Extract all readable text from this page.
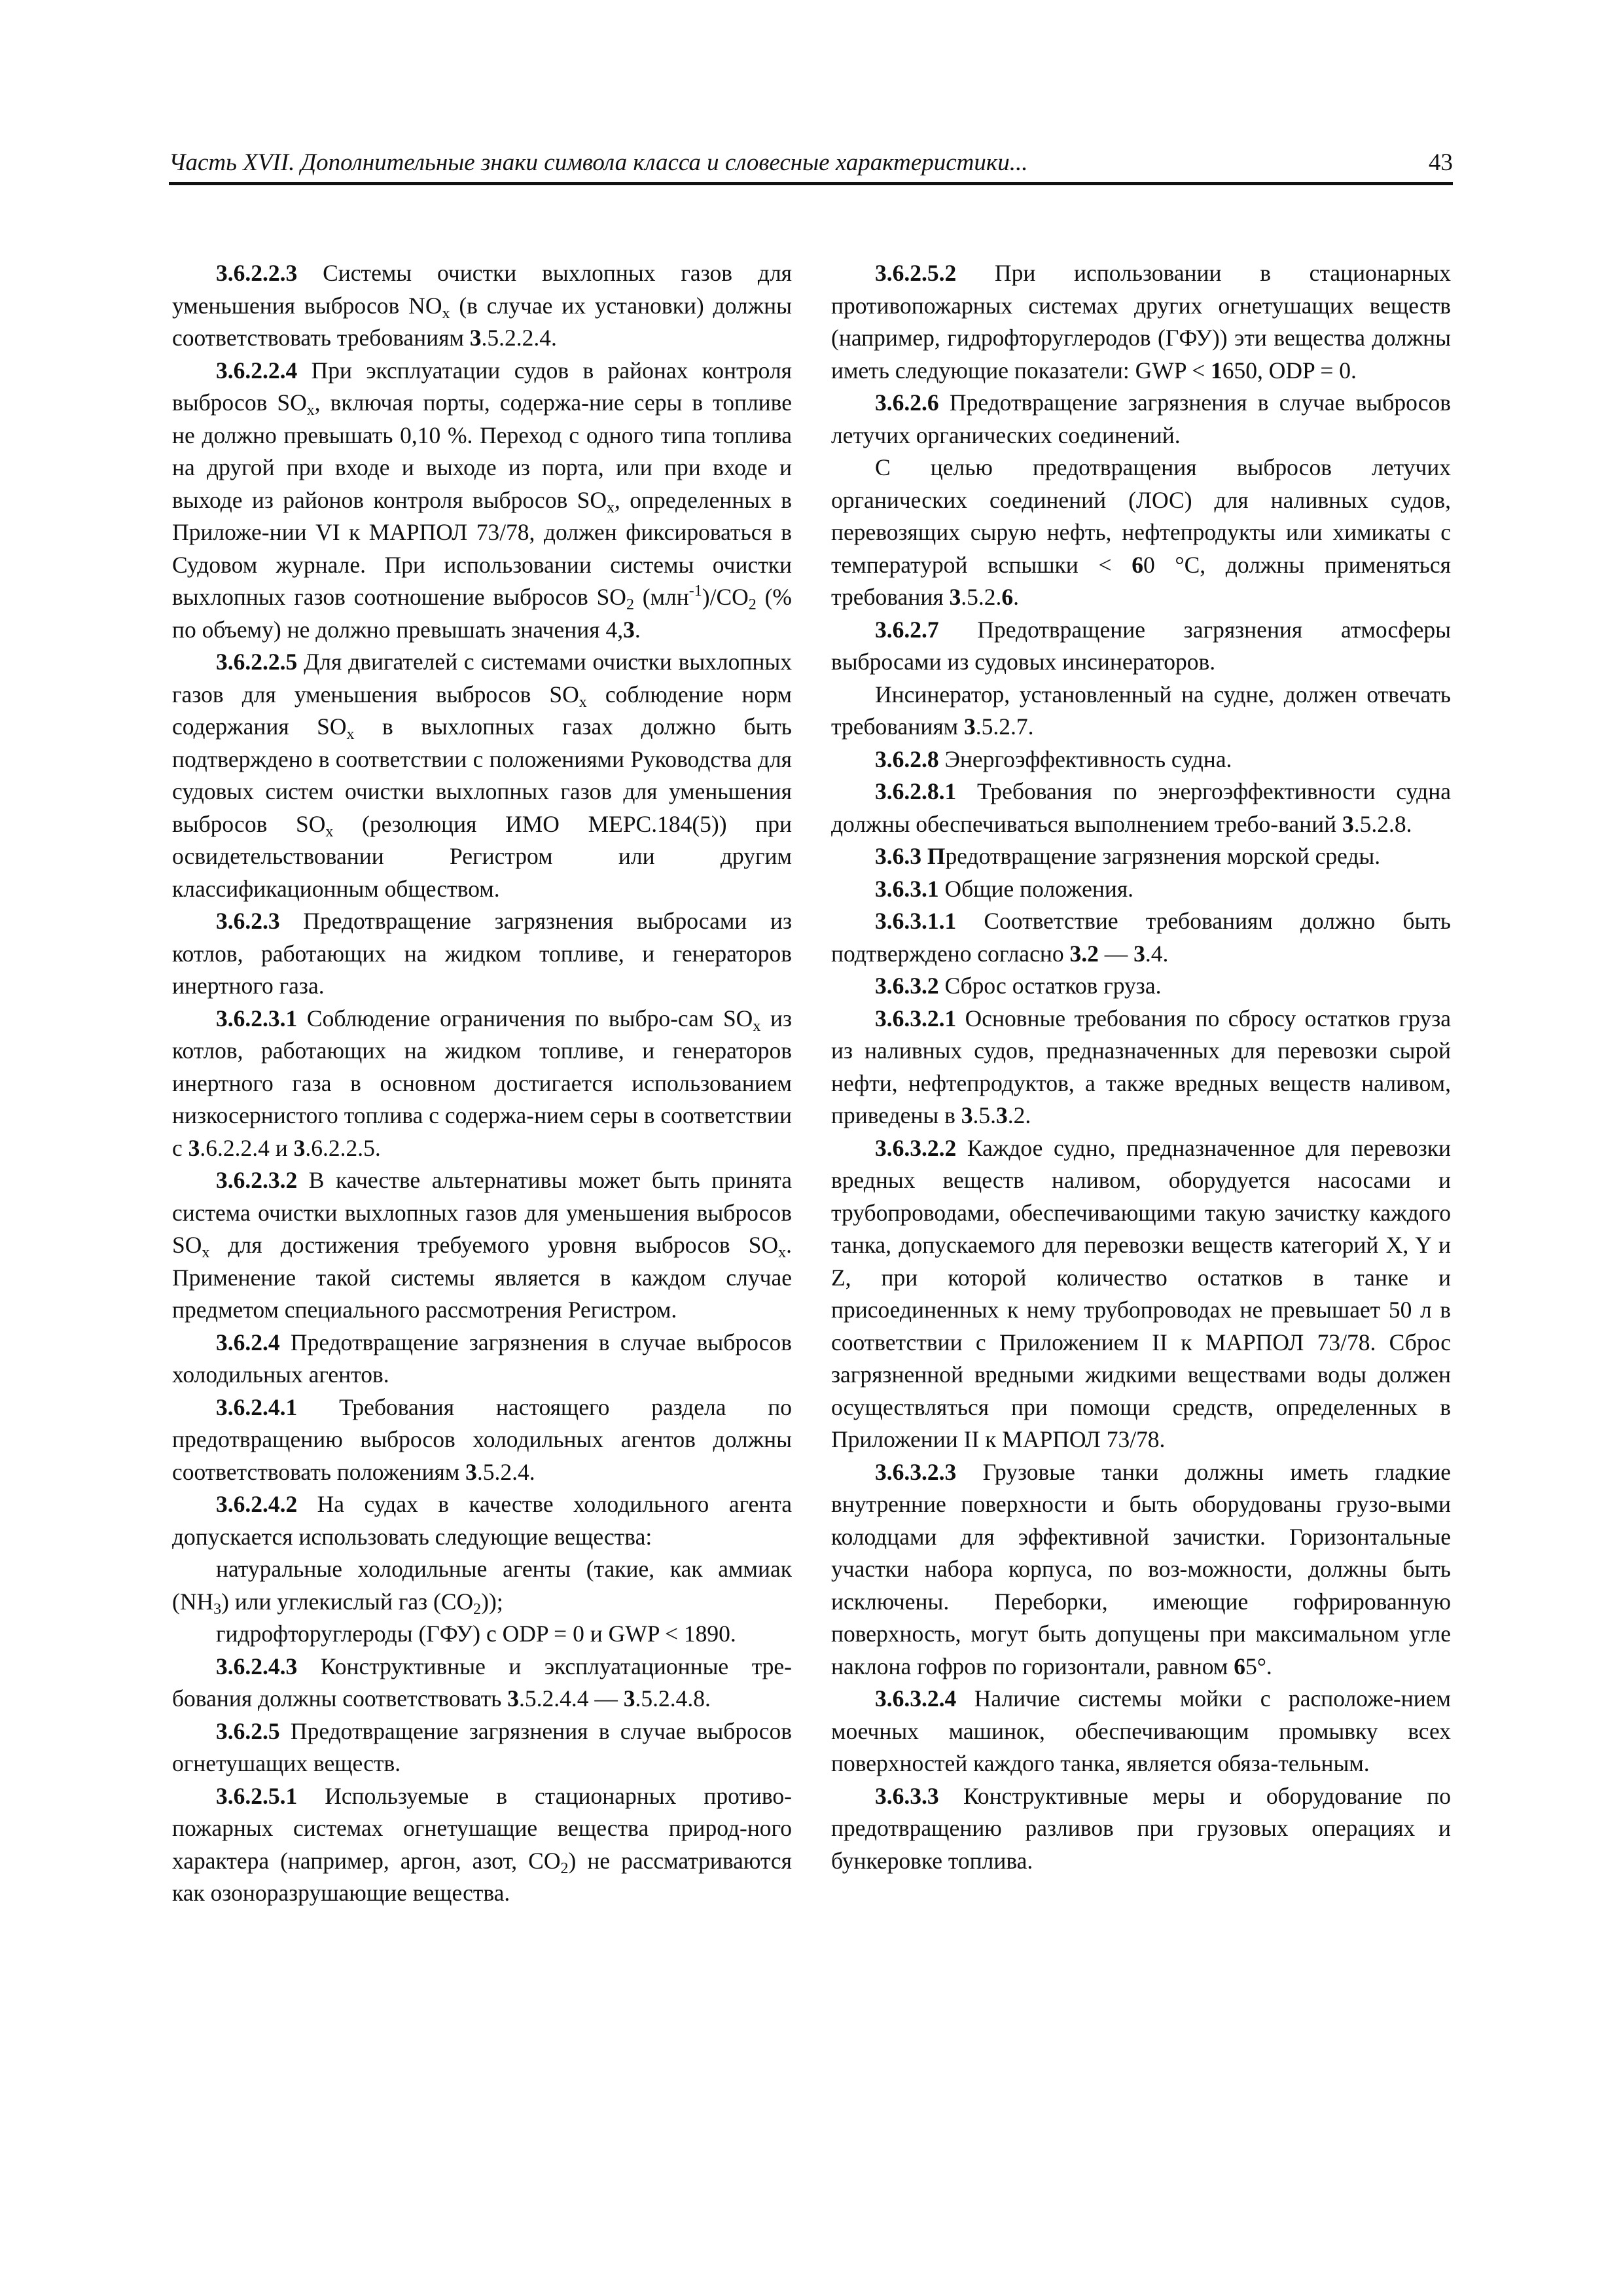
Часть XVII. Дополнительные знаки символа класса и словесные характеристики...	43

3.6.2.2.3 Системы очистки выхлопных газов для уменьшения выбросов $NO_x$ (в случае их установки) должны соответствовать требованиям 3.5.2.2.4.

3.6.2.2.4 При эксплуатации судов в районах контроля выбросов $SO_x$, включая порты, содержа-ние серы в топливе не должно превышать 0,10 %. Переход с одного типа топлива на другой при входе и выходе из порта, или при входе и выходе из районов контроля выбросов $SO_x$, определенных в Приложе-нии VI к МАРПОЛ 73/78, должен фиксироваться в Судовом журнале. При использовании системы очистки выхлопных газов соотношение выбросов $SO_2$ $(млн^{-1})/CO_2$ (% по объему) не должно превышать значения 4,3.

3.6.2.2.5 Для двигателей с системами очистки выхлопных газов для уменьшения выбросов $SO_x$ соблюдение норм содержания $SO_x$ в выхлопных газах должно быть подтверждено в соответствии с положениями Руководства для судовых систем очистки выхлопных газов для уменьшения выбросов $SO_x$ (резолюция ИМО MEPC.184(5)) при освидетельствовании Регистром или другим классификационным обществом.

3.6.2.3 Предотвращение загрязнения выбросами из котлов, работающих на жидком топливе, и генераторов инертного газа.

3.6.2.3.1 Соблюдение ограничения по выбро-сам $SO_x$ из котлов, работающих на жидком топливе, и генераторов инертного газа в основном достигается использованием низкосернистого топлива с содержа-нием серы в соответствии с 3.6.2.2.4 и 3.6.2.2.5.

3.6.2.3.2 В качестве альтернативы может быть принята система очистки выхлопных газов для уменьшения выбросов $SO_x$ для достижения требуемого уровня выбросов $SO_x$. Применение такой системы является в каждом случае предметом специального рассмотрения Регистром.

3.6.2.4 Предотвращение загрязнения в случае выбросов холодильных агентов.

3.6.2.4.1 Требования настоящего раздела по предотвращению выбросов холодильных агентов должны соответствовать положениям 3.5.2.4.

3.6.2.4.2 На судах в качестве холодильного агента допускается использовать следующие вещества:

натуральные холодильные агенты (такие, как аммиак $(NH_3)$ или углекислый газ $(CO_2)$);

гидрофторуглероды (ГФУ) с ODP = 0 и GWP < 1890.

3.6.2.4.3 Конструктивные и эксплуатационные тре-бования должны соответствовать 3.5.2.4.4 — 3.5.2.4.8.

3.6.2.5 Предотвращение загрязнения в случае выбросов огнетушащих веществ.

3.6.2.5.1 Используемые в стационарных противо-пожарных системах огнетушащие вещества природ-ного характера (например, аргон, азот, $CO_2$) не рассматриваются как озоноразрушающие вещества.

3.6.2.5.2 При использовании в стационарных противопожарных системах других огнетушащих веществ (например, гидрофторуглеродов (ГФУ)) эти вещества должны иметь следующие показатели: GWP < 1650, ODP = 0.

3.6.2.6 Предотвращение загрязнения в случае выбросов летучих органических соединений.

С целью предотвращения выбросов летучих органических соединений (ЛОС) для наливных судов, перевозящих сырую нефть, нефтепродукты или химикаты с температурой вспышки < 60 °C, должны применяться требования 3.5.2.6.

3.6.2.7 Предотвращение загрязнения атмосферы выбросами из судовых инсинераторов.

Инсинератор, установленный на судне, должен отвечать требованиям 3.5.2.7.

3.6.2.8 Энергоэффективность судна.

3.6.2.8.1 Требования по энергоэффективности судна должны обеспечиваться выполнением требо-ваний 3.5.2.8.

3.6.3 Предотвращение загрязнения морской среды.

3.6.3.1 Общие положения.

3.6.3.1.1 Соответствие требованиям должно быть подтверждено согласно 3.2 — 3.4.

3.6.3.2 Сброс остатков груза.

3.6.3.2.1 Основные требования по сбросу остатков груза из наливных судов, предназначенных для перевозки сырой нефти, нефтепродуктов, а также вредных веществ наливом, приведены в 3.5.3.2.

3.6.3.2.2 Каждое судно, предназначенное для перевозки вредных веществ наливом, оборудуется насосами и трубопроводами, обеспечивающими такую зачистку каждого танка, допускаемого для перевозки веществ категорий X, Y и Z, при которой количество остатков в танке и присоединенных к нему трубопроводах не превышает 50 л в соответствии с Приложением II к МАРПОЛ 73/78. Сброс загрязненной вредными жидкими веществами воды должен осуществляться при помощи средств, определенных в Приложении II к МАРПОЛ 73/78.

3.6.3.2.3 Грузовые танки должны иметь гладкие внутренние поверхности и быть оборудованы грузо-выми колодцами для эффективной зачистки. Горизонтальные участки набора корпуса, по воз-можности, должны быть исключены. Переборки, имеющие гофрированную поверхность, могут быть допущены при максимальном угле наклона гофров по горизонтали, равном 65°.

3.6.3.2.4 Наличие системы мойки с расположе-нием моечных машинок, обеспечивающим промывку всех поверхностей каждого танка, является обяза-тельным.

3.6.3.3 Конструктивные меры и оборудование по предотвращению разливов при грузовых операциях и бункеровке топлива.
